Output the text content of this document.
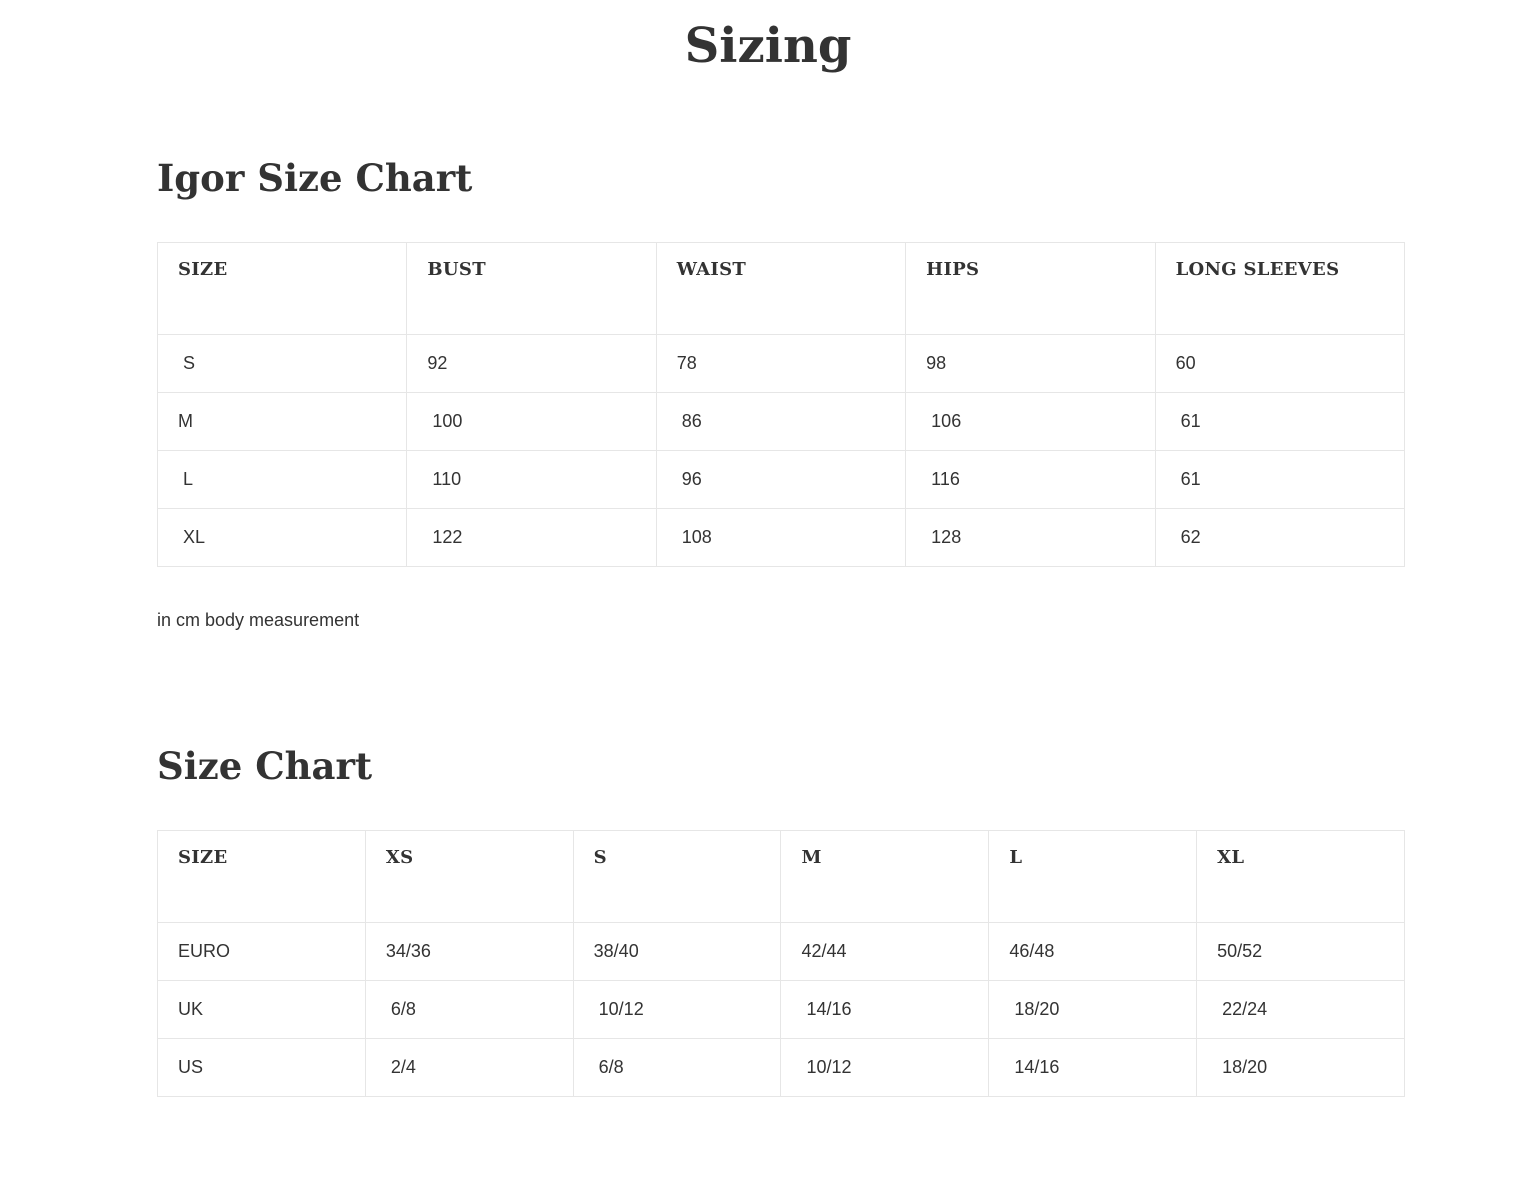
Sizing
Igor Size Chart
SIZE	BUST	WAIST	HIPS	LONG SLEEVES
S	92	78	98	60
M	100	86	106	61
L	110	96	116	61
XL	122	108	128	62

in cm body measurement

Size Chart
SIZE	XS	S	M	L	XL
EURO	34/36	38/40	42/44	46/48	50/52
UK	6/8	10/12	14/16	18/20	22/24
US	2/4	6/8	10/12	14/16	18/20
